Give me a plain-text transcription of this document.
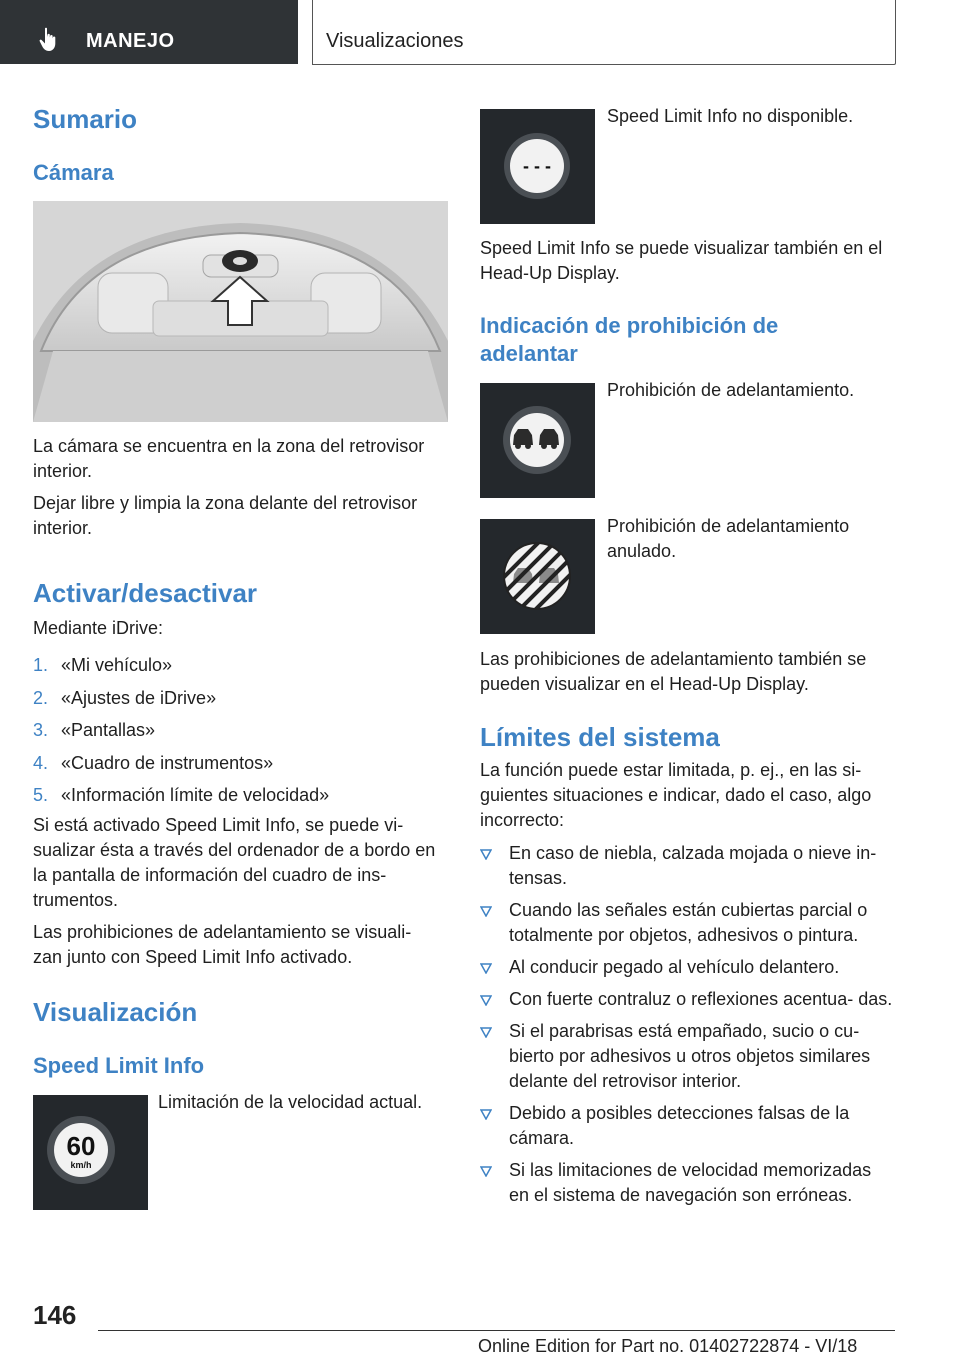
MANEJO	Visualizaciones
Sumario
Cámara

La cámara se encuentra en la zona del retrovisor interior.

Dejar libre y limpia la zona delante del retrovisor interior.

Activar/desactivar

Mediante iDrive:

1. «Mi vehículo»
2. «Ajustes de iDrive»
3. «Pantallas»
4. «Cuadro de instrumentos»
5. «Información límite de velocidad»

Si está activado Speed Limit Info, se puede vi‐ sualizar ésta a través del ordenador de a bordo en la pantalla de información del cuadro de ins‐ trumentos.

Las prohibiciones de adelantamiento se visuali‐ zan junto con Speed Limit Info activado.

Visualización
Speed Limit Info
60
km/h

Limitación de la velocidad actual.

- - -

Speed Limit Info no disponible.

Speed Limit Info se puede visualizar también en el Head-Up Display.

Indicación de prohibición de adelantar

Prohibición de adelantamiento.

Prohibición de adelantamiento anulado.

Las prohibiciones de adelantamiento también se pueden visualizar en el Head-Up Display.

Límites del sistema

La función puede estar limitada, p. ej., en las si‐ guientes situaciones e indicar, dado el caso, algo incorrecto:

En caso de niebla, calzada mojada o nieve in‐ tensas.
Cuando las señales están cubiertas parcial o totalmente por objetos, adhesivos o pintura.
Al conducir pegado al vehículo delantero.
Con fuerte contraluz o reflexiones acentua‐ das.
Si el parabrisas está empañado, sucio o cu‐ bierto por adhesivos u otros objetos similares delante del retrovisor interior.
Debido a posibles detecciones falsas de la cámara.
Si las limitaciones de velocidad memorizadas en el sistema de navegación son erróneas.
146
Online Edition for Part no. 01402722874 - VI/18
